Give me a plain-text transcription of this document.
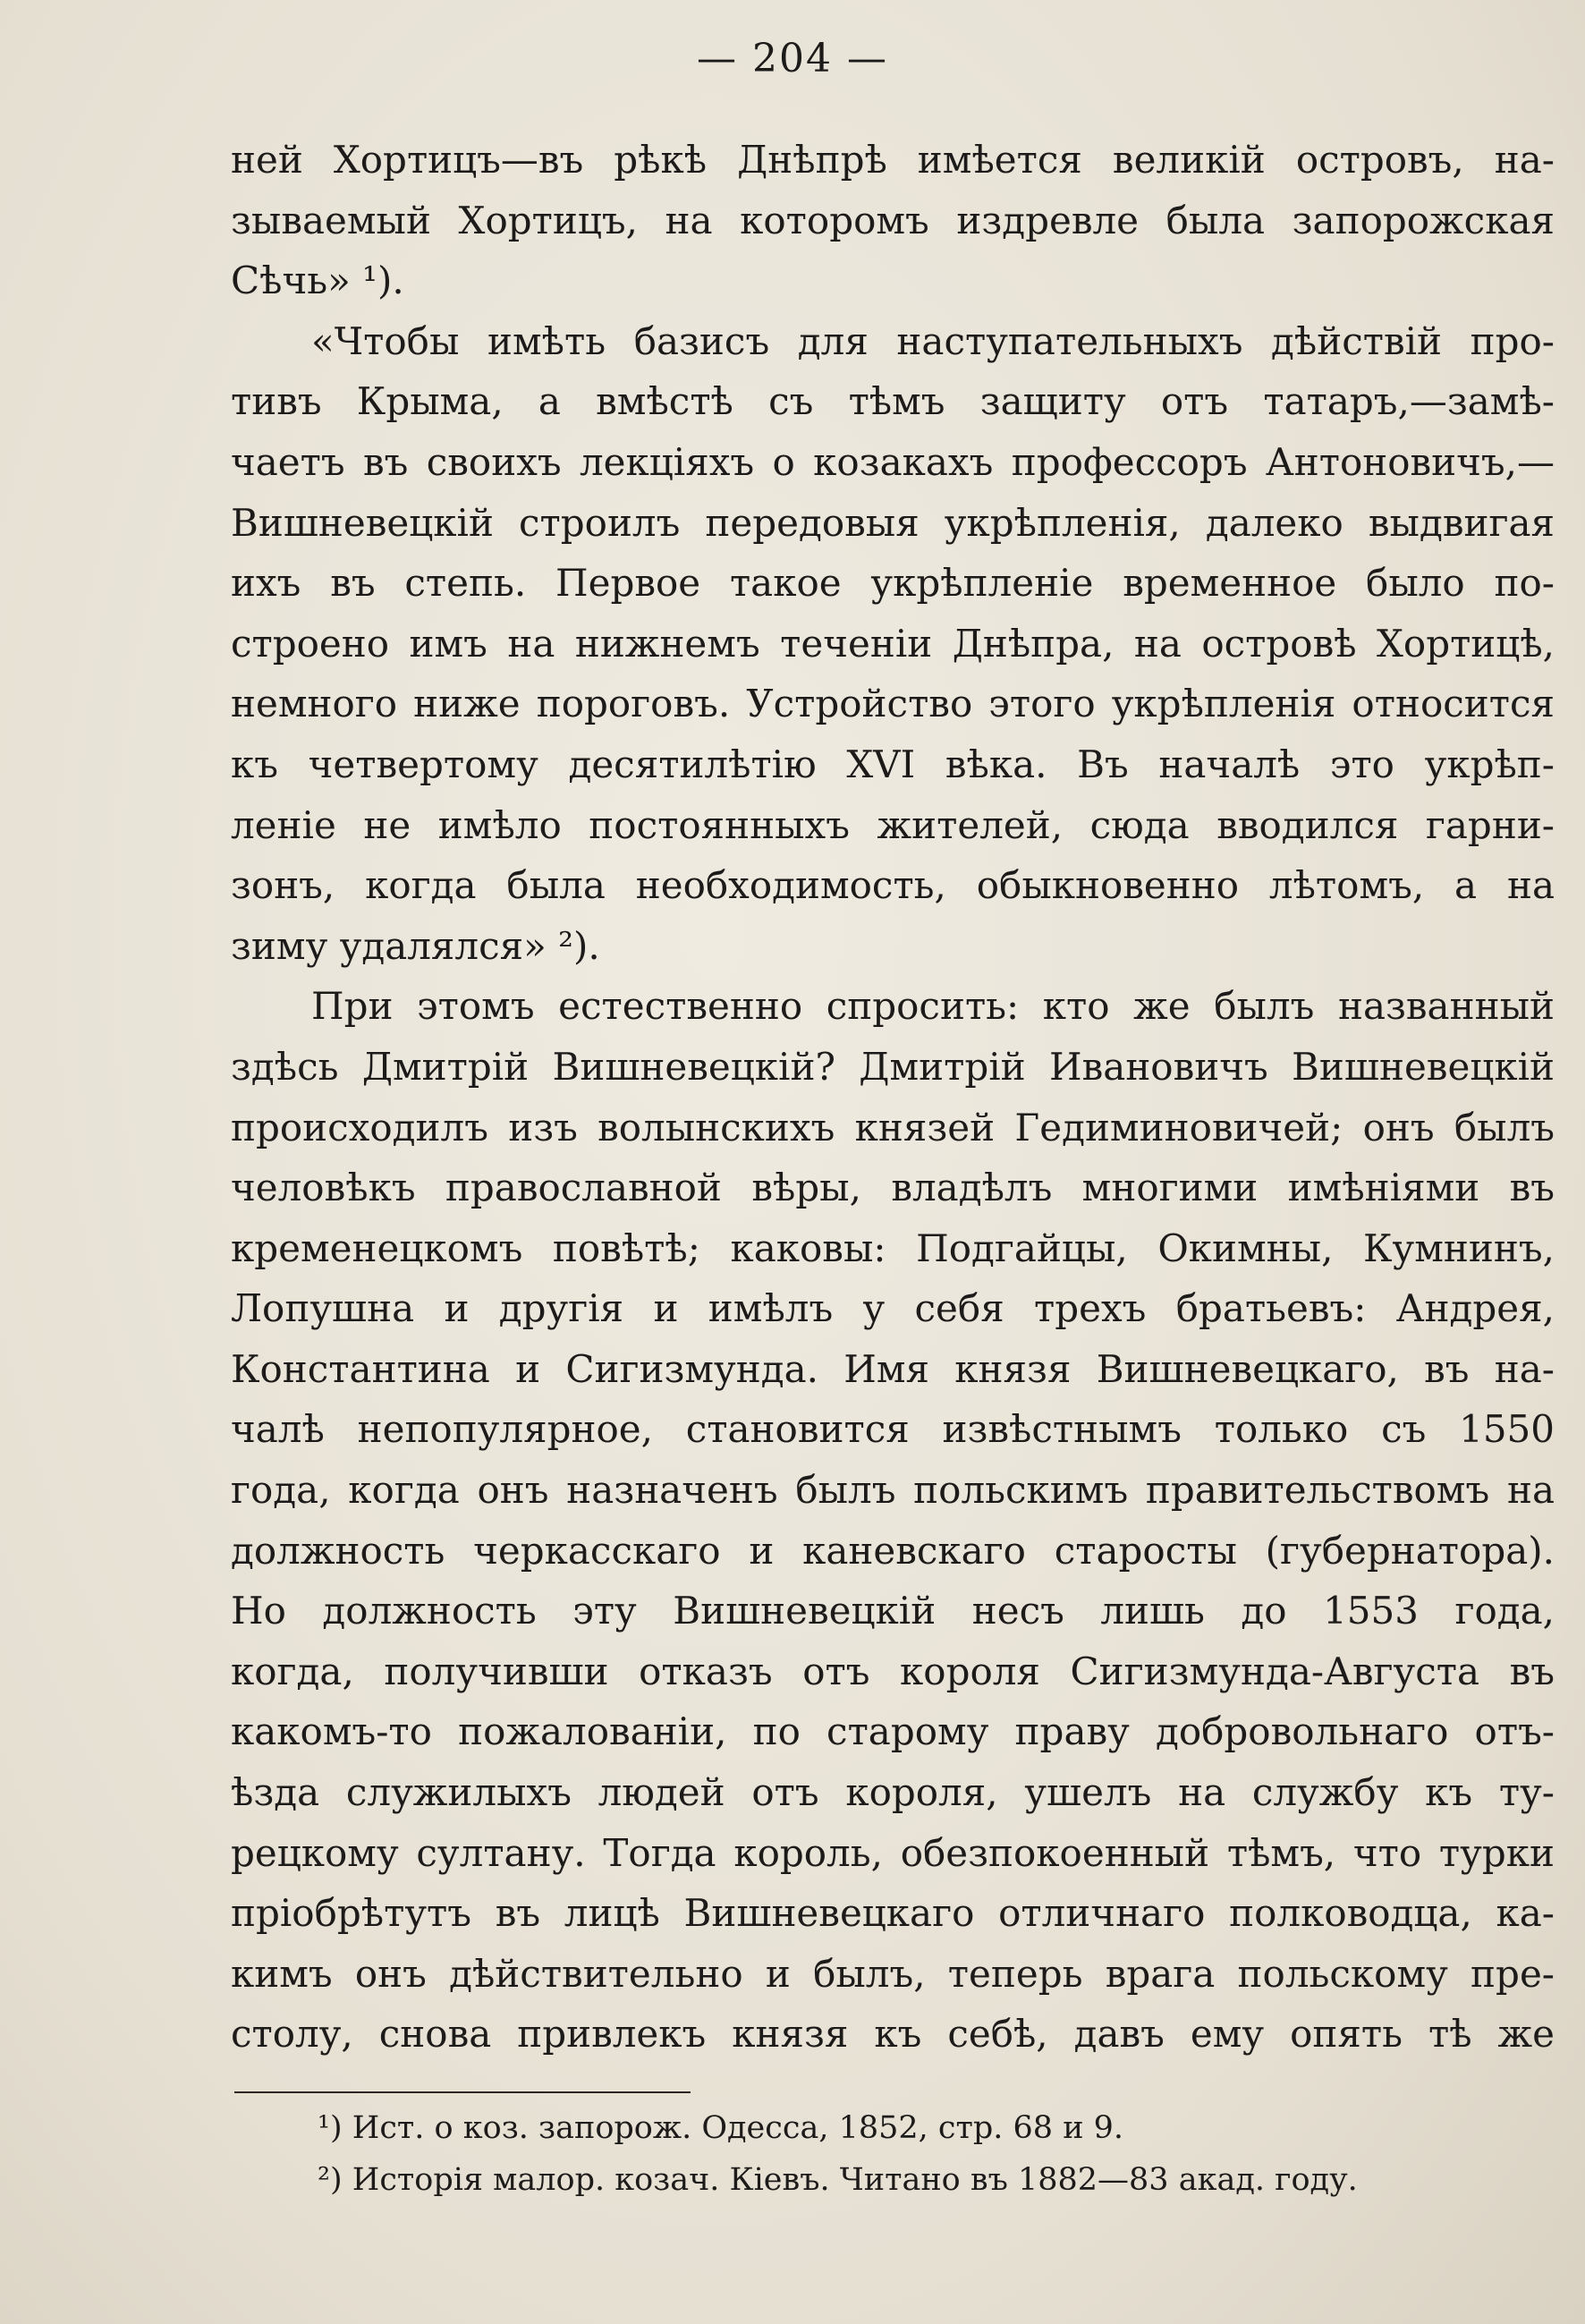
— 204 —
ней Хортицъ—въ рѣкѣ Днѣпрѣ имѣется великій островъ, на-
зываемый Хортицъ, на которомъ издревле была запорожская
Сѣчь» ¹).
«Чтобы имѣть базисъ для наступательныхъ дѣйствій про-
тивъ Крыма, а вмѣстѣ съ тѣмъ защиту отъ татаръ,—замѣ-
чаетъ въ своихъ лекціяхъ о козакахъ профессоръ Антоновичъ,—
Вишневецкій строилъ передовыя укрѣпленія, далеко выдвигая
ихъ въ степь. Первое такое укрѣпленіе временное было по-
строено имъ на нижнемъ теченіи Днѣпра, на островѣ Хортицѣ,
немного ниже пороговъ. Устройство этого укрѣпленія относится
къ четвертому десятилѣтію XVI вѣка. Въ началѣ это укрѣп-
леніе не имѣло постоянныхъ жителей, сюда вводился гарни-
зонъ, когда была необходимость, обыкновенно лѣтомъ, а на
зиму удалялся» ²).
При этомъ естественно спросить: кто же былъ названный
здѣсь Дмитрій Вишневецкій? Дмитрій Ивановичъ Вишневецкій
происходилъ изъ волынскихъ князей Гедиминовичей; онъ былъ
человѣкъ православной вѣры, владѣлъ многими имѣніями въ
кременецкомъ повѣтѣ; каковы: Подгайцы, Окимны, Кумнинъ,
Лопушна и другія и имѣлъ у себя трехъ братьевъ: Андрея,
Константина и Сигизмунда. Имя князя Вишневецкаго, въ на-
чалѣ непопулярное, становится извѣстнымъ только съ 1550
года, когда онъ назначенъ былъ польскимъ правительствомъ на
должность черкасскаго и каневскаго старосты (губернатора).
Но должность эту Вишневецкій несъ лишь до 1553 года,
когда, получивши отказъ отъ короля Сигизмунда-Августа въ
какомъ-то пожалованіи, по старому праву добровольнаго отъ-
ѣзда служилыхъ людей отъ короля, ушелъ на службу къ ту-
рецкому султану. Тогда король, обезпокоенный тѣмъ, что турки
пріобрѣтутъ въ лицѣ Вишневецкаго отличнаго полководца, ка-
кимъ онъ дѣйствительно и былъ, теперь врага польскому пре-
столу, снова привлекъ князя къ себѣ, давъ ему опять тѣ же
¹) Ист. о коз. запорож. Одесса, 1852, стр. 68 и 9.
²) Исторія малор. козач. Кіевъ. Читано въ 1882—83 акад. году.
